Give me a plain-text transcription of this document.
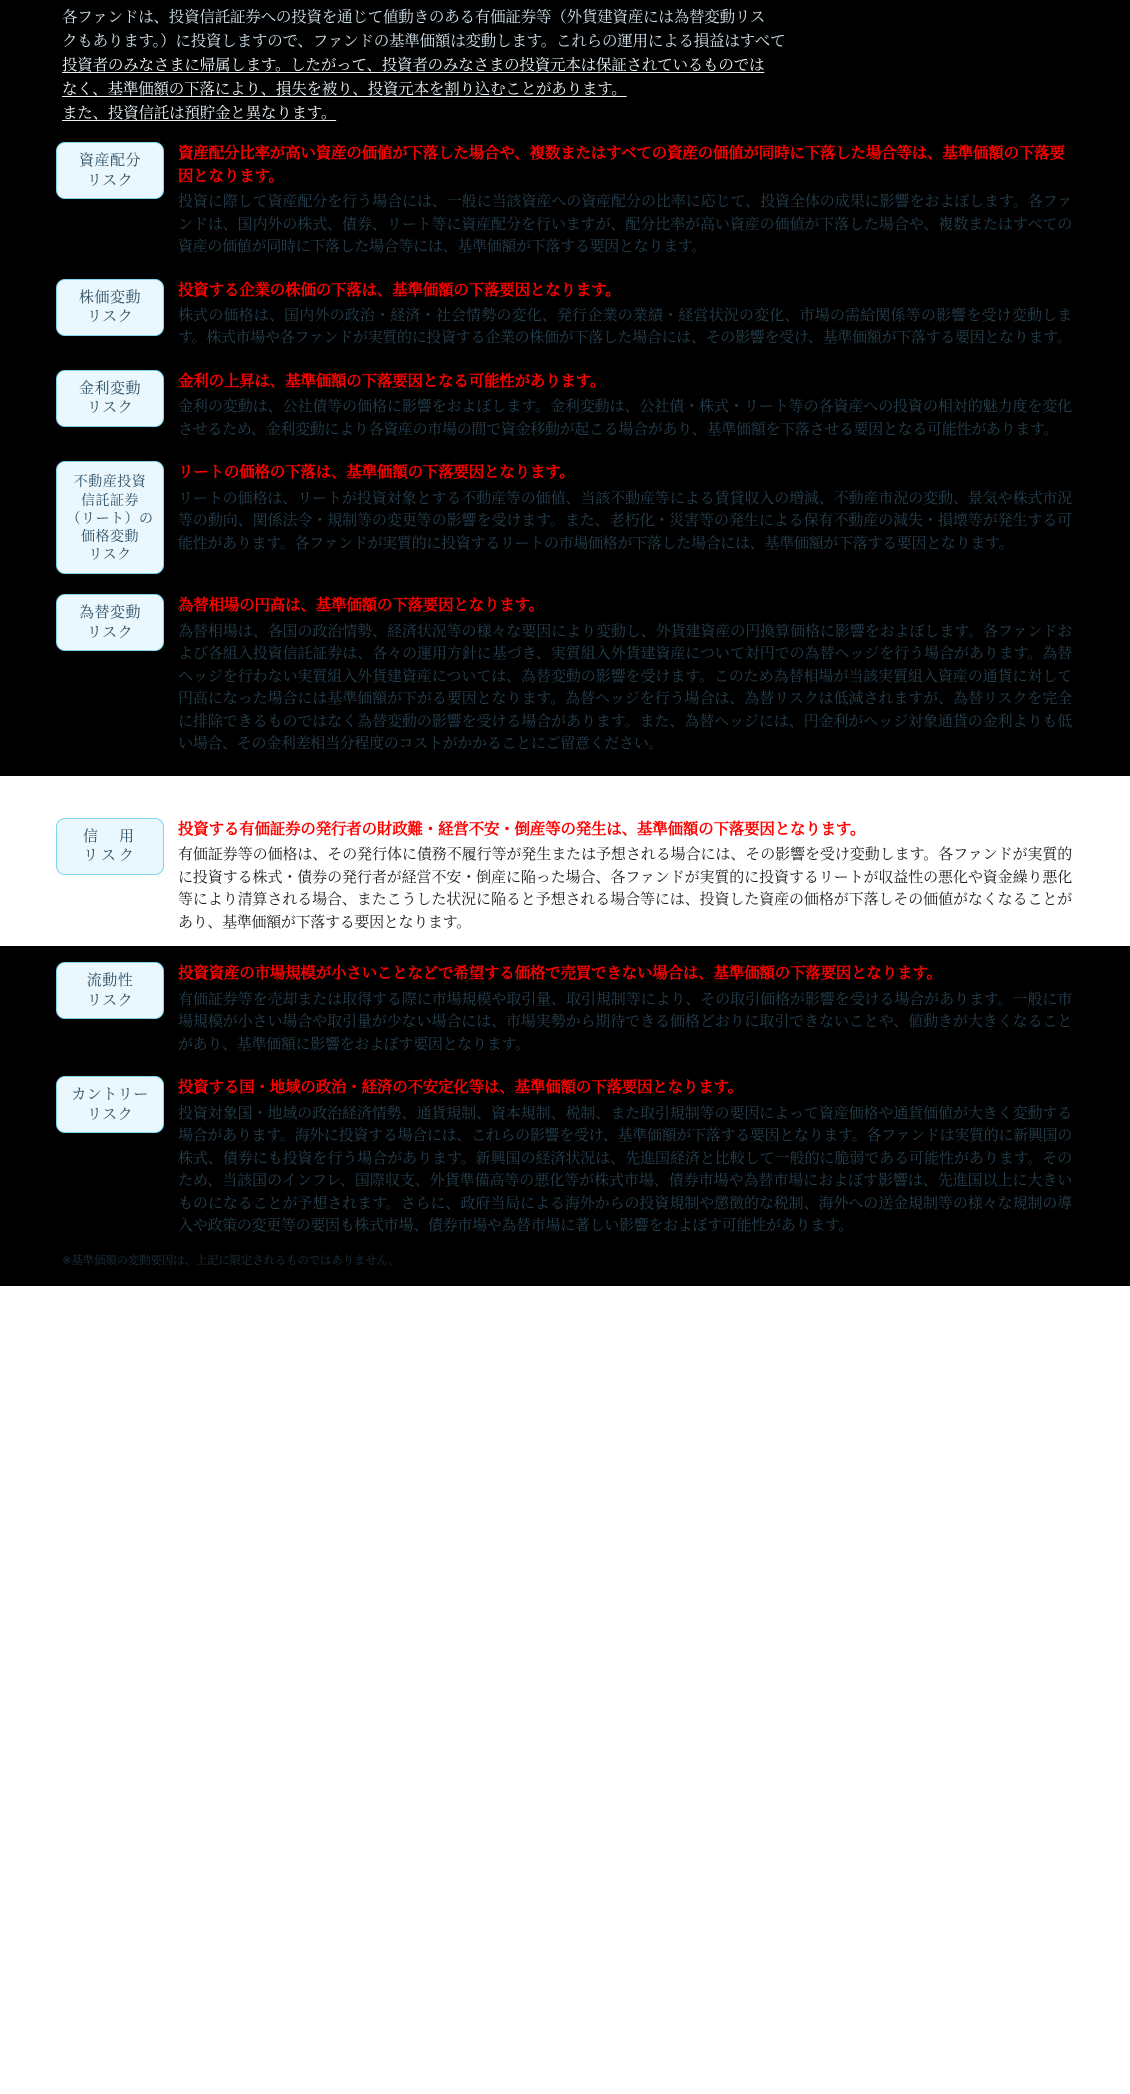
各ファンドは、投資信託証券への投資を通じて値動きのある有価証券等（外貨建資産には為替変動リス
クもあります。）に投資しますので、ファンドの基準価額は変動します。これらの運用による損益はすべて
投資者のみなさまに帰属します。したがって、投資者のみなさまの投資元本は保証されているものでは
なく、基準価額の下落により、損失を被り、投資元本を割り込むことがあります。
また、投資信託は預貯金と異なります。
資産配分
リスク

資産配分比率が高い資産の価値が下落した場合や、複数またはすべての資産の価値が同時に下落した場合等は、基準価額の下落要因となります。

投資に際して資産配分を行う場合には、一般に当該資産への資産配分の比率に応じて、投資全体の成果に影響をおよぼします。各ファンドは、国内外の株式、債券、リート等に資産配分を行いますが、配分比率が高い資産の価値が下落した場合や、複数またはすべての資産の価値が同時に下落した場合等には、基準価額が下落する要因となります。

株価変動
リスク

投資する企業の株価の下落は、基準価額の下落要因となります。

株式の価格は、国内外の政治・経済・社会情勢の変化、発行企業の業績・経営状況の変化、市場の需給関係等の影響を受け変動します。株式市場や各ファンドが実質的に投資する企業の株価が下落した場合には、その影響を受け、基準価額が下落する要因となります。

金利変動
リスク

金利の上昇は、基準価額の下落要因となる可能性があります。

金利の変動は、公社債等の価格に影響をおよぼします。金利変動は、公社債・株式・リート等の各資産への投資の相対的魅力度を変化させるため、金利変動により各資産の市場の間で資金移動が起こる場合があり、基準価額を下落させる要因となる可能性があります。

不動産投資
信託証券
（リート）の
価格変動
リスク

リートの価格の下落は、基準価額の下落要因となります。

リートの価格は、リートが投資対象とする不動産等の価値、当該不動産等による賃貸収入の増減、不動産市況の変動、景気や株式市況等の動向、関係法令・規制等の変更等の影響を受けます。また、老朽化・災害等の発生による保有不動産の減失・損壊等が発生する可能性があります。各ファンドが実質的に投資するリートの市場価格が下落した場合には、基準価額が下落する要因となります。

為替変動
リスク

為替相場の円高は、基準価額の下落要因となります。

為替相場は、各国の政治情勢、経済状況等の様々な要因により変動し、外貨建資産の円換算価格に影響をおよぼします。各ファンドおよび各組入投資信託証券は、各々の運用方針に基づき、実質組入外貨建資産について対円での為替ヘッジを行う場合があります。為替ヘッジを行わない実質組入外貨建資産については、為替変動の影響を受けます。このため為替相場が当該実質組入資産の通貨に対して円高になった場合には基準価額が下がる要因となります。為替ヘッジを行う場合は、為替リスクは低減されますが、為替リスクを完全に排除できるものではなく為替変動の影響を受ける場合があります。また、為替ヘッジには、円金利がヘッジ対象通貨の金利よりも低い場合、その金利差相当分程度のコストがかかることにご留意ください。

信　用
リスク

投資する有価証券の発行者の財政難・経営不安・倒産等の発生は、基準価額の下落要因となります。

有価証券等の価格は、その発行体に債務不履行等が発生または予想される場合には、その影響を受け変動します。各ファンドが実質的に投資する株式・債券の発行者が経営不安・倒産に陥った場合、各ファンドが実質的に投資するリートが収益性の悪化や資金繰り悪化等により清算される場合、またこうした状況に陥ると予想される場合等には、投資した資産の価格が下落しその価値がなくなることがあり、基準価額が下落する要因となります。

流動性
リスク

投資資産の市場規模が小さいことなどで希望する価格で売買できない場合は、基準価額の下落要因となります。

有価証券等を売却または取得する際に市場規模や取引量、取引規制等により、その取引価格が影響を受ける場合があります。一般に市場規模が小さい場合や取引量が少ない場合には、市場実勢から期待できる価格どおりに取引できないことや、値動きが大きくなることがあり、基準価額に影響をおよぼす要因となります。

カントリー
リスク

投資する国・地域の政治・経済の不安定化等は、基準価額の下落要因となります。

投資対象国・地域の政治経済情勢、通貨規制、資本規制、税制、また取引規制等の要因によって資産価格や通貨価値が大きく変動する場合があります。海外に投資する場合には、これらの影響を受け、基準価額が下落する要因となります。各ファンドは実質的に新興国の株式、債券にも投資を行う場合があります。新興国の経済状況は、先進国経済と比較して一般的に脆弱である可能性があります。そのため、当該国のインフレ、国際収支、外貨準備高等の悪化等が株式市場、債券市場や為替市場におよぼす影響は、先進国以上に大きいものになることが予想されます。さらに、政府当局による海外からの投資規制や懲徴的な税制、海外への送金規制等の様々な規制の導入や政策の変更等の要因も株式市場、債券市場や為替市場に著しい影響をおよぼす可能性があります。

※基準価額の変動要因は、上記に限定されるものではありません。
